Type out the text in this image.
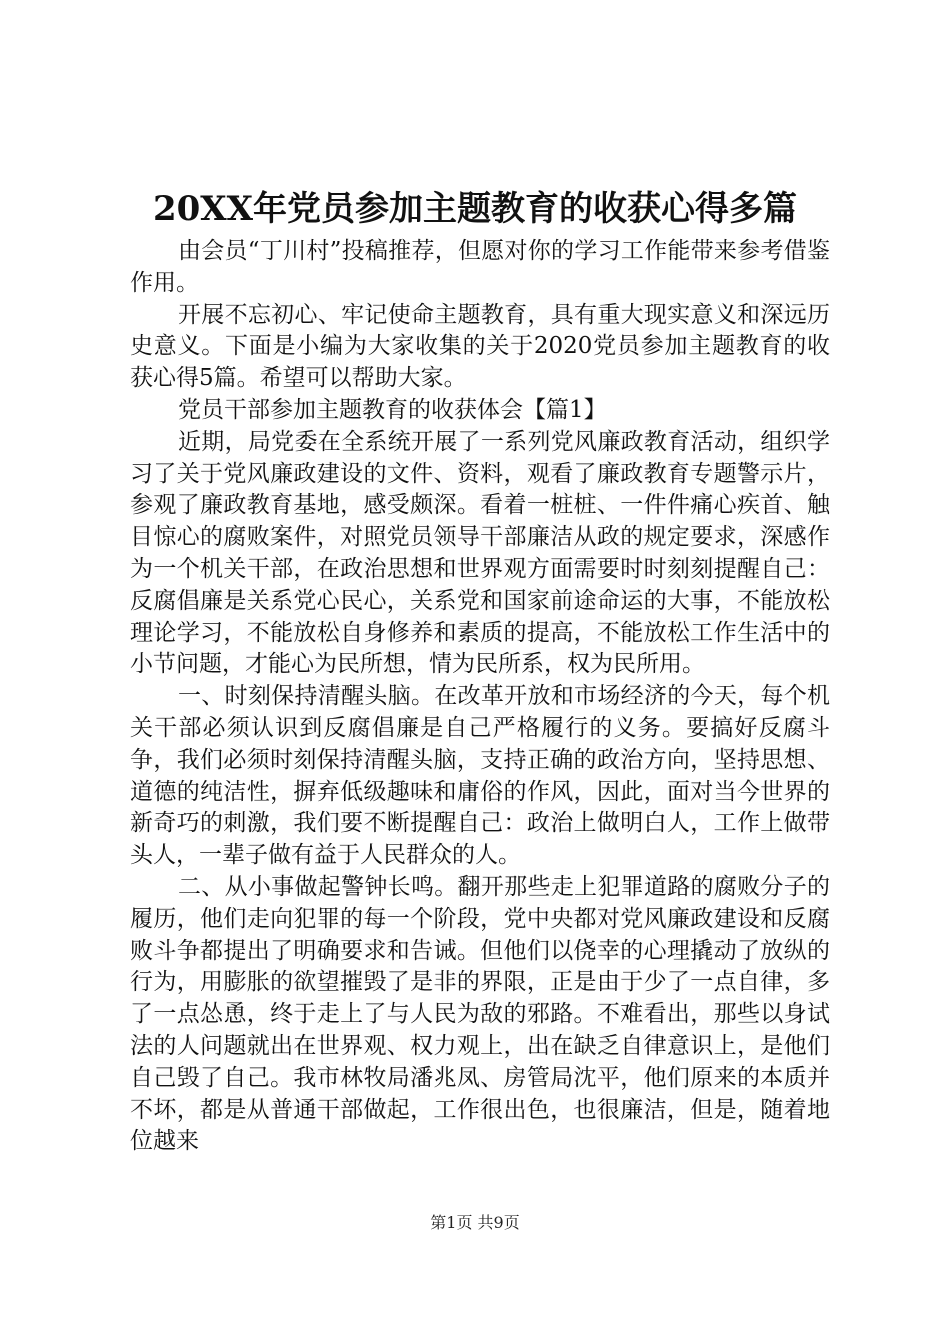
20XX年党员参加主题教育的收获心得多篇

由会员“丁川村”投稿推荐，但愿对你的学习工作能带来参考借鉴作用。

开展不忘初心、牢记使命主题教育，具有重大现实意义和深远历史意义。下面是小编为大家收集的关于2020党员参加主题教育的收获心得5篇。希望可以帮助大家。

党员干部参加主题教育的收获体会【篇1】

近期，局党委在全系统开展了一系列党风廉政教育活动，组织学习了关于党风廉政建设的文件、资料，观看了廉政教育专题警示片，参观了廉政教育基地，感受颇深。看着一桩桩、一件件痛心疾首、触目惊心的腐败案件，对照党员领导干部廉洁从政的规定要求，深感作为一个机关干部，在政治思想和世界观方面需要时时刻刻提醒自己：反腐倡廉是关系党心民心，关系党和国家前途命运的大事，不能放松理论学习，不能放松自身修养和素质的提高，不能放松工作生活中的小节问题，才能心为民所想，情为民所系，权为民所用。

一、时刻保持清醒头脑。在改革开放和市场经济的今天，每个机关干部必须认识到反腐倡廉是自己严格履行的义务。要搞好反腐斗争，我们必须时刻保持清醒头脑，支持正确的政治方向，坚持思想、道德的纯洁性，摒弃低级趣味和庸俗的作风，因此，面对当今世界的新奇巧的刺激，我们要不断提醒自己：政治上做明白人，工作上做带头人，一辈子做有益于人民群众的人。

二、从小事做起警钟长鸣。翻开那些走上犯罪道路的腐败分子的履历，他们走向犯罪的每一个阶段，党中央都对党风廉政建设和反腐败斗争都提出了明确要求和告诫。但他们以侥幸的心理撬动了放纵的行为，用膨胀的欲望摧毁了是非的界限，正是由于少了一点自律，多了一点怂恿，终于走上了与人民为敌的邪路。不难看出，那些以身试法的人问题就出在世界观、权力观上，出在缺乏自律意识上，是他们自己毁了自己。我市林牧局潘兆凤、房管局沈平，他们原来的本质并不坏，都是从普通干部做起，工作很出色，也很廉洁，但是，随着地位越来

第1页 共9页
